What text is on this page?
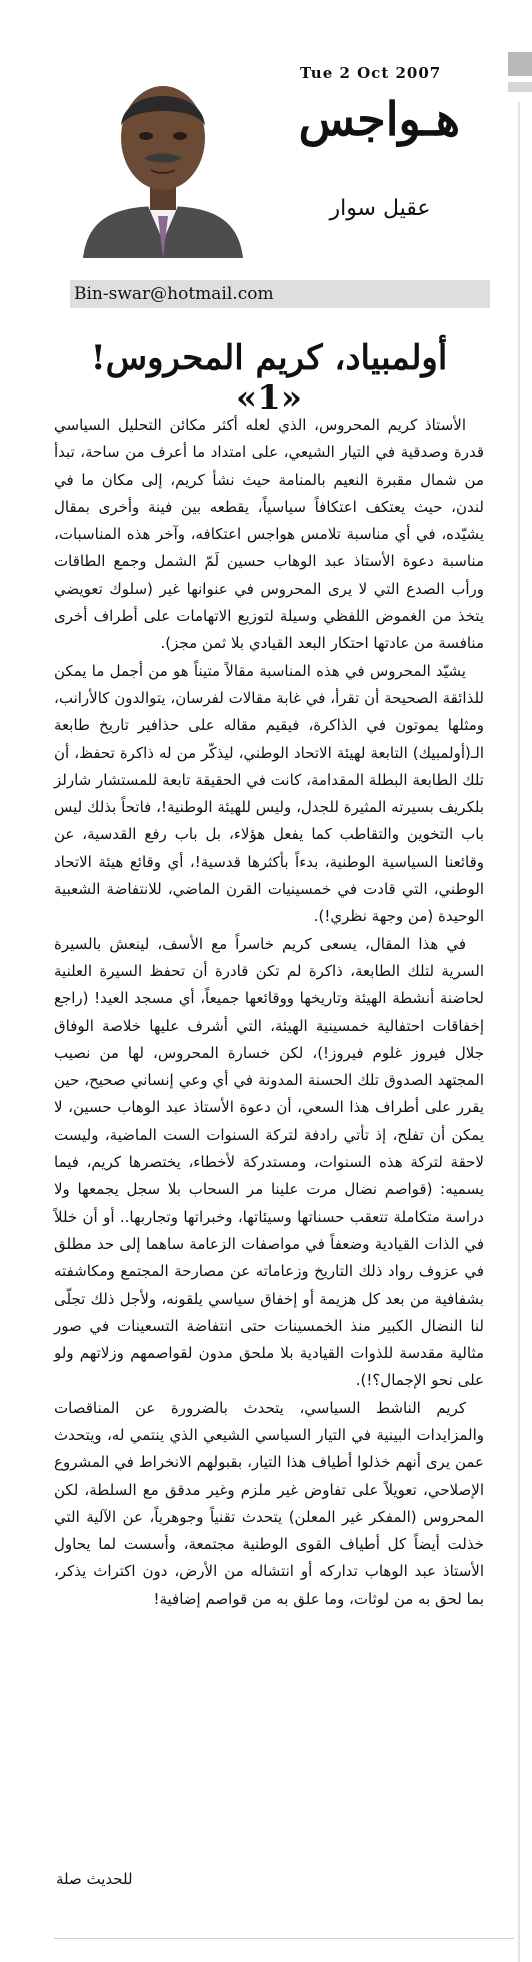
Tue 2 Oct 2007
هـواجس
عقيل سوار
Bin-swar@hotmail.com
أولمبياد، كريم المحروس! «1»

الأستاذ كريم المحروس، الذي لعله أكثر مكائن التحليل السياسي قدرة وصدقية في التيار الشيعي، على امتداد ما أعرف من ساحة، تبدأ من شمال مقبرة النعيم بالمنامة حيث نشأ كريم، إلى مكان ما في لندن، حيث يعتكف اعتكافاً سياسياً، يقطعه بين فينة وأخرى بمقال يشيّده، في أي مناسبة تلامس هواجس اعتكافه، وآخر هذه المناسبات، مناسبة دعوة الأستاذ عبد الوهاب حسين لَمّ الشمل وجمع الطاقات ورأب الصدع التي لا يرى المحروس في عنوانها غير (سلوك تعويضي يتخذ من الغموض اللفظي وسيلة لتوزيع الاتهامات على أطراف أخرى منافسة من عادتها احتكار البعد القيادي بلا ثمن مجز).

يشيّد المحروس في هذه المناسبة مقالاً متيناً هو من أجمل ما يمكن للذائقة الصحيحة أن تقرأ، في غابة مقالات لفرسان، يتوالدون كالأرانب، ومثلها يموتون في الذاكرة، فيقيم مقاله على حذافير تاريخ طابعة الـ(أولمبيك) التابعة لهيئة الاتحاد الوطني، ليذكّر من له ذاكرة تحفظ، أن تلك الطابعة البطلة المقدامة، كانت في الحقيقة تابعة للمستشار شارلز بلكريف بسيرته المثيرة للجدل، وليس للهيئة الوطنية!، فاتحاً بذلك ليس باب التخوين والتقاطب كما يفعل هؤلاء، بل باب رفع القدسية، عن وقائعنا السياسية الوطنية، بدءاً بأكثرها قدسية!، أي وقائع هيئة الاتحاد الوطني، التي قادت في خمسينيات القرن الماضي، للانتفاضة الشعبية الوحيدة (من وجهة نظري!).

في هذا المقال، يسعى كريم خاسراً مع الأسف، لينعش بالسيرة السرية لتلك الطابعة، ذاكرة لم تكن قادرة أن تحفظ السيرة العلنية لحاضنة أنشطة الهيئة وتاريخها ووقائعها جميعاً، أي مسجد العيد! (راجع إخفاقات احتفالية خمسينية الهيئة، التي أشرف عليها خلاصة الوفاق جلال فيروز غلوم فيروز!)، لكن خسارة المحروس، لها من نصيب المجتهد الصدوق تلك الحسنة المدونة في أي وعي إنساني صحيح، حين يقرر على أطراف هذا السعي، أن دعوة الأستاذ عبد الوهاب حسين، لا يمكن أن تفلح، إذ تأتي رادفة لتركة السنوات الست الماضية، وليست لاحقة لتركة هذه السنوات، ومستدركة لأخطاء، يختصرها كريم، فيما يسميه: (قواصم نضال مرت علينا مر السحاب بلا سجل يجمعها ولا دراسة متكاملة تتعقب حسناتها وسيئاتها، وخبراتها وتجاربها.. أو أن خللاً في الذات القيادية وضعفاً في مواصفات الزعامة ساهما إلى حد مطلق في عزوف رواد ذلك التاريخ وزعاماته عن مصارحة المجتمع ومكاشفته بشفافية من بعد كل هزيمة أو إخفاق سياسي يلقونه، ولأجل ذلك تجلّى لنا النضال الكبير منذ الخمسينات حتى انتفاضة التسعينات في صور مثالية مقدسة للذوات القيادية بلا ملحق مدون لقواصمهم وزلاتهم ولو على نحو الإجمال؟!).

كريم الناشط السياسي، يتحدث بالضرورة عن المناقصات والمزايدات البينية في التيار السياسي الشيعي الذي ينتمي له، ويتحدث عمن يرى أنهم خذلوا أطياف هذا التيار، بقبولهم الانخراط في المشروع الإصلاحي، تعويلاً على تفاوض غير ملزم وغير مدقق مع السلطة، لكن المحروس (المفكر غير المعلن) يتحدث تقنياً وجوهرياً، عن الآلية التي خذلت أيضاً كل أطياف القوى الوطنية مجتمعة، وأسست لما يحاول الأستاذ عبد الوهاب تداركه أو انتشاله من الأرض، دون اكتراث يذكر، بما لحق به من لوثات، وما علق به من قواصم إضافية!

للحديث صلة
